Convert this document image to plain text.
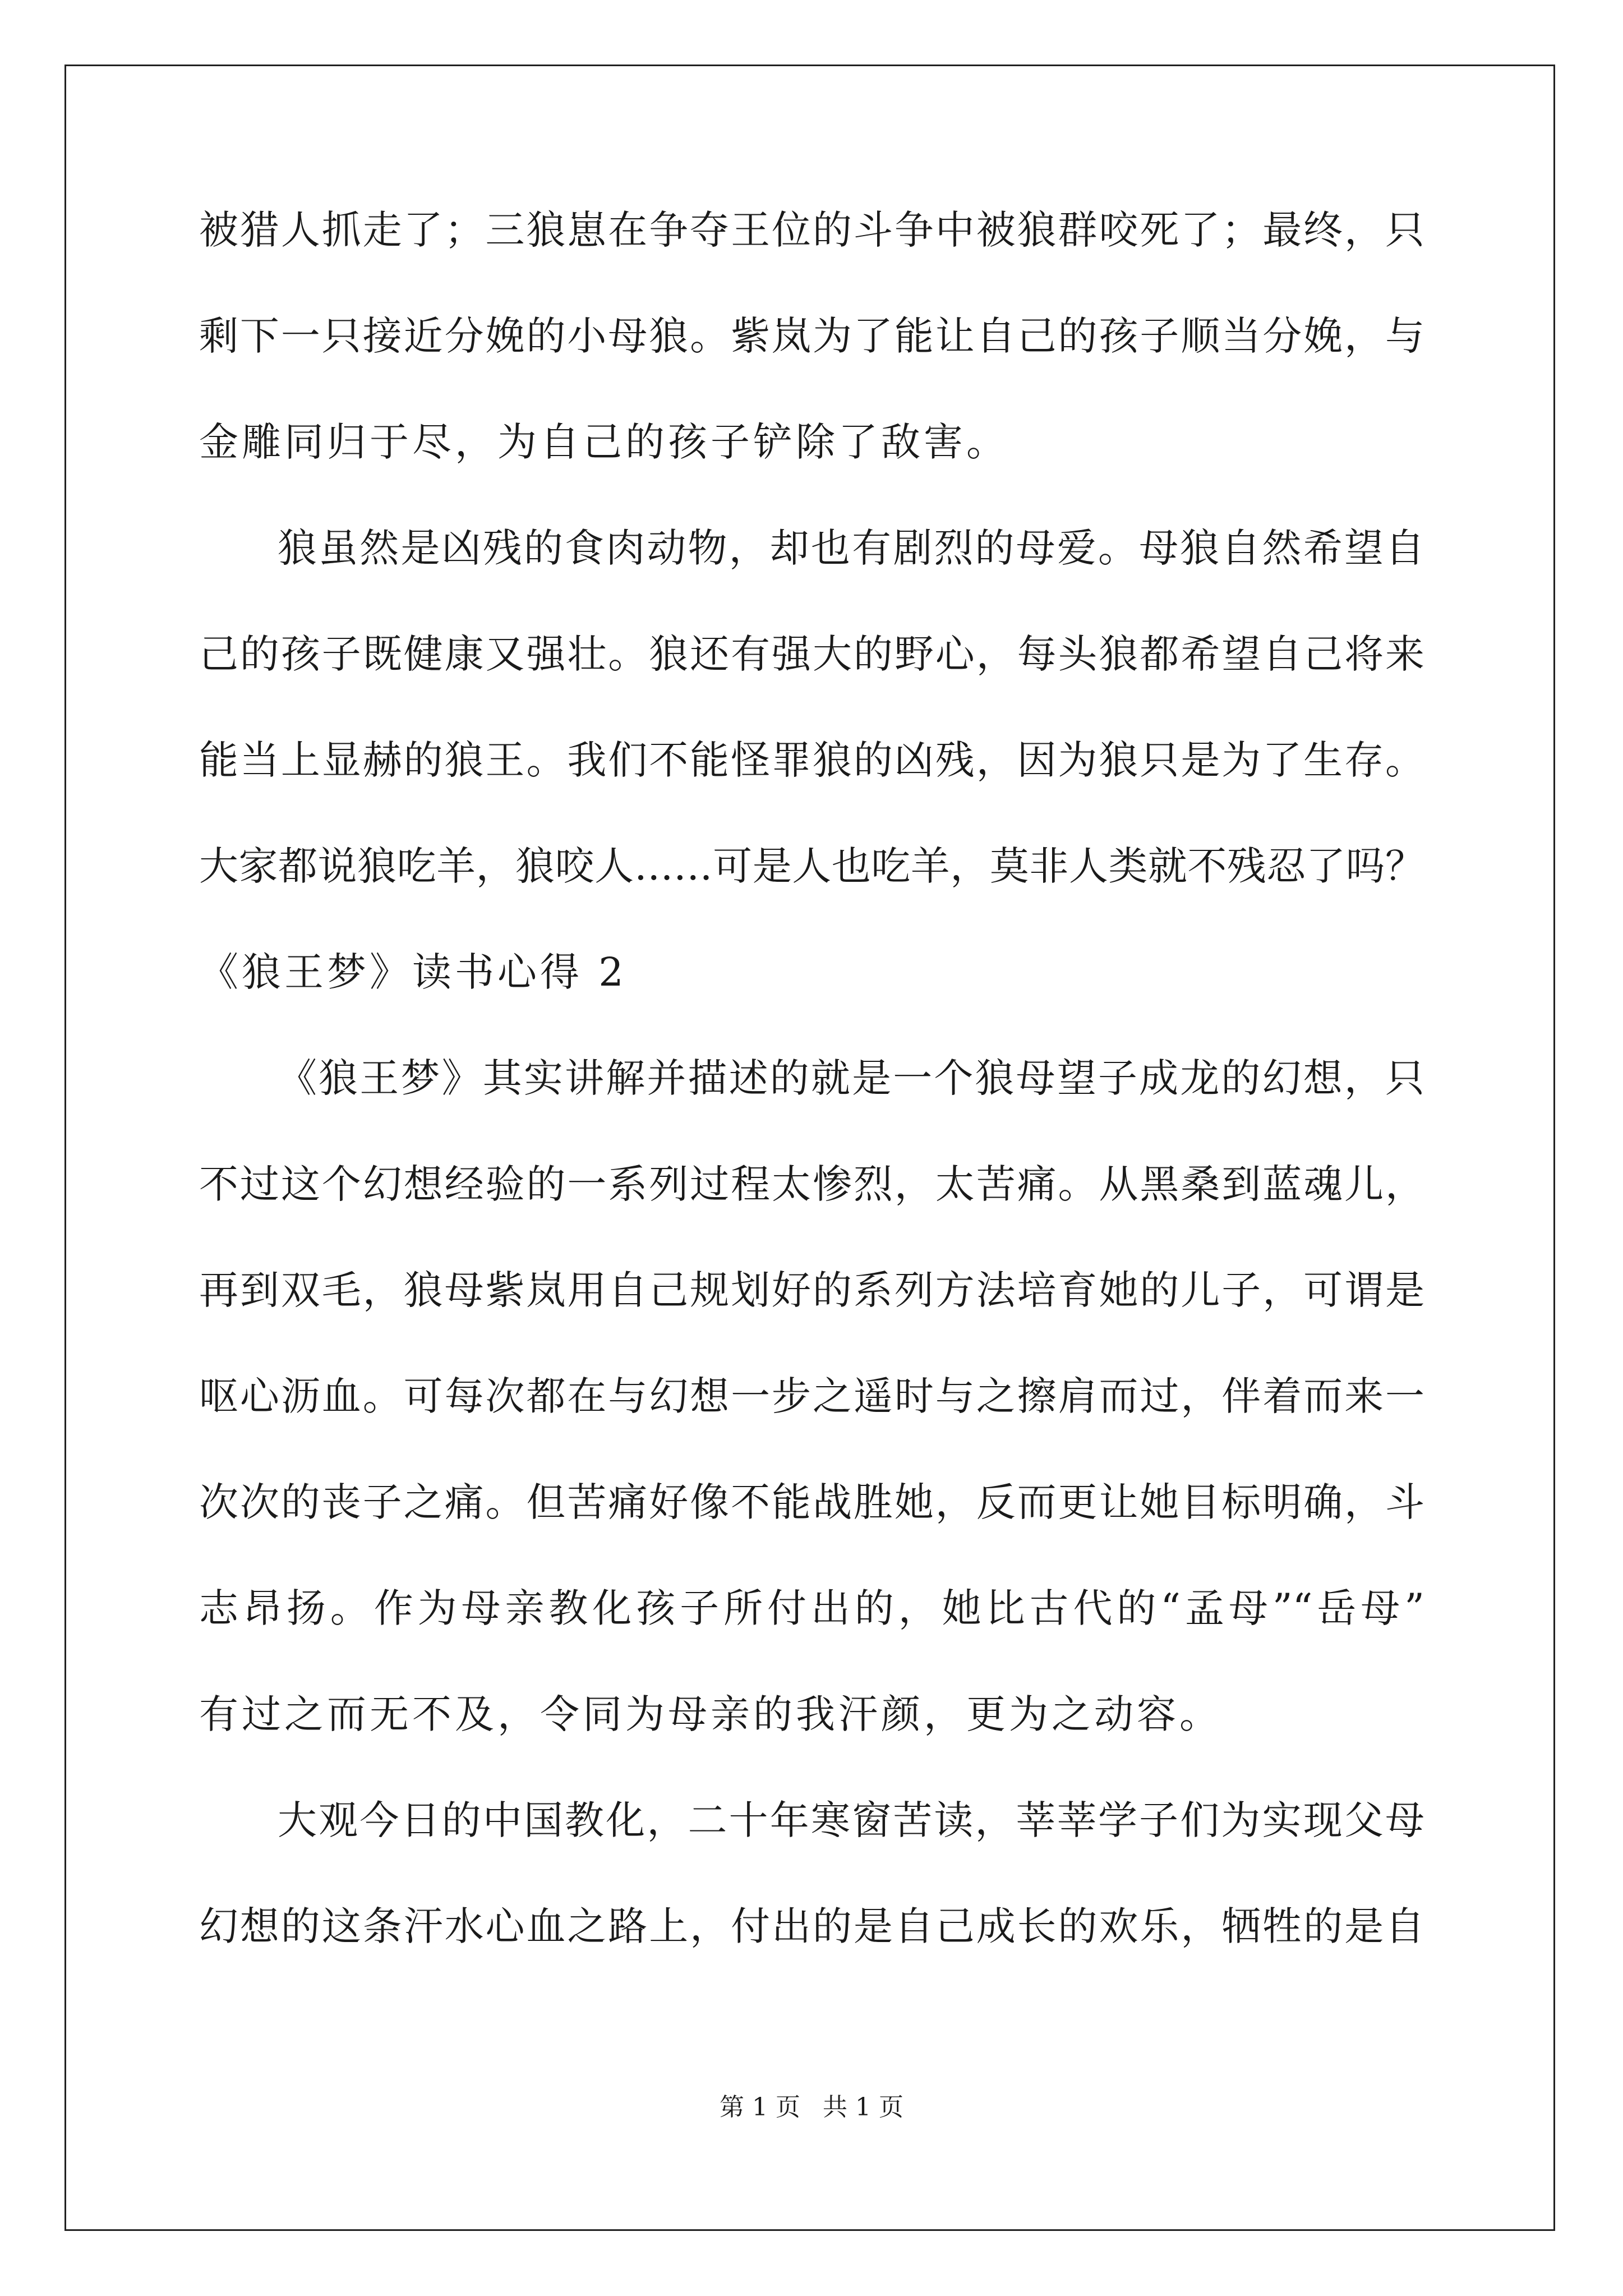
被猎人抓走了；三狼崽在争夺王位的斗争中被狼群咬死了；最终，只
剩下一只接近分娩的小母狼。紫岚为了能让自己的孩子顺当分娩，与
金雕同归于尽，为自己的孩子铲除了敌害。
狼虽然是凶残的食肉动物，却也有剧烈的母爱。母狼自然希望自
己的孩子既健康又强壮。狼还有强大的野心，每头狼都希望自己将来
能当上显赫的狼王。我们不能怪罪狼的凶残，因为狼只是为了生存。
大家都说狼吃羊，狼咬人……可是人也吃羊，莫非人类就不残忍了吗？
《狼王梦》读书心得 2
《狼王梦》其实讲解并描述的就是一个狼母望子成龙的幻想，只
不过这个幻想经验的一系列过程太惨烈，太苦痛。从黑桑到蓝魂儿，
再到双毛，狼母紫岚用自己规划好的系列方法培育她的儿子，可谓是
呕心沥血。可每次都在与幻想一步之遥时与之擦肩而过，伴着而来一
次次的丧子之痛。但苦痛好像不能战胜她，反而更让她目标明确，斗
志昂扬。作为母亲教化孩子所付出的，她比古代的“孟母”“岳母”
有过之而无不及，令同为母亲的我汗颜，更为之动容。
大观今日的中国教化，二十年寒窗苦读，莘莘学子们为实现父母
幻想的这条汗水心血之路上，付出的是自己成长的欢乐，牺牲的是自
第 1 页 共 1 页
